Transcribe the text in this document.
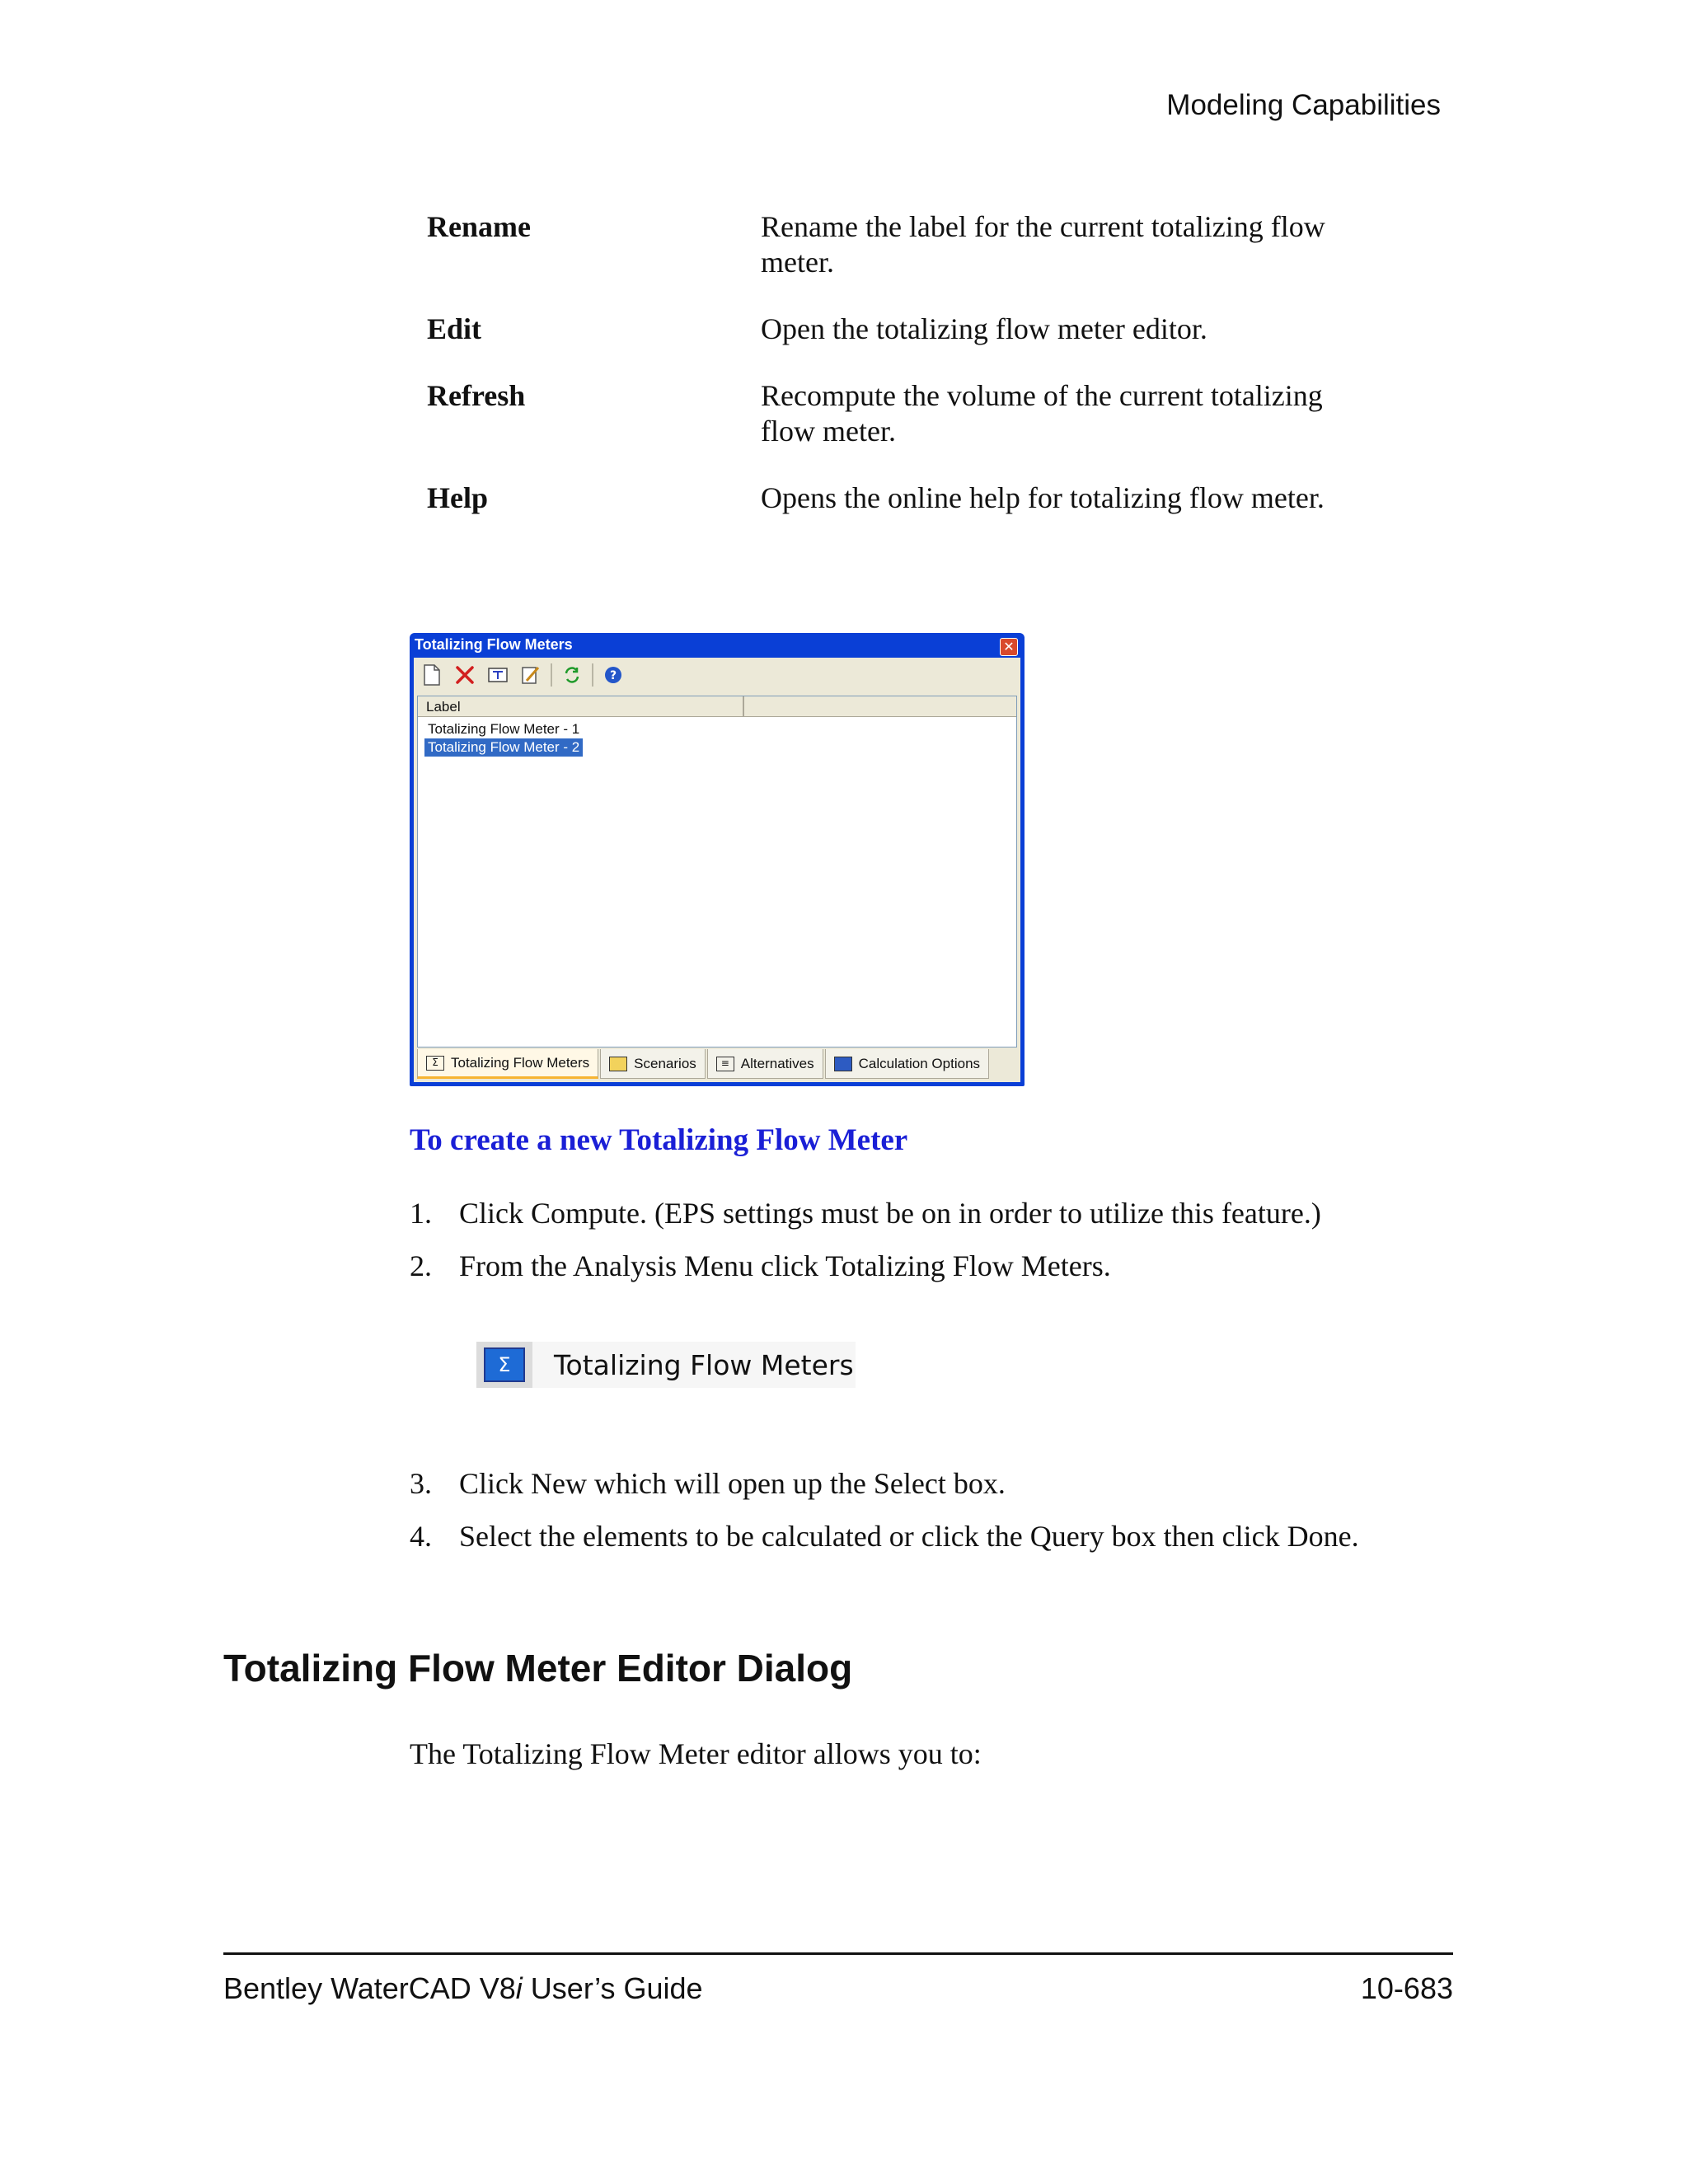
Modeling Capabilities
Rename	Rename the label for the current totalizing flow meter.
Edit	Open the totalizing flow meter editor.
Refresh	Recompute the volume of the current totalizing flow meter.
Help	Opens the online help for totalizing flow meter.
Totalizing Flow Meters	✕
?
Label
Totalizing Flow Meter - 1
Totalizing Flow Meter - 2
Σ Totalizing Flow Meters	Scenarios	≡ Alternatives	Calculation Options
To create a new Totalizing Flow Meter
1. Click Compute. (EPS settings must be on in order to utilize this feature.)
2. From the Analysis Menu click Totalizing Flow Meters.
Σ	Totalizing Flow Meters
3. Click New which will open up the Select box.
4. Select the elements to be calculated or click the Query box then click Done.
Totalizing Flow Meter Editor Dialog
The Totalizing Flow Meter editor allows you to:
Bentley WaterCAD V8i User’s Guide	10-683
